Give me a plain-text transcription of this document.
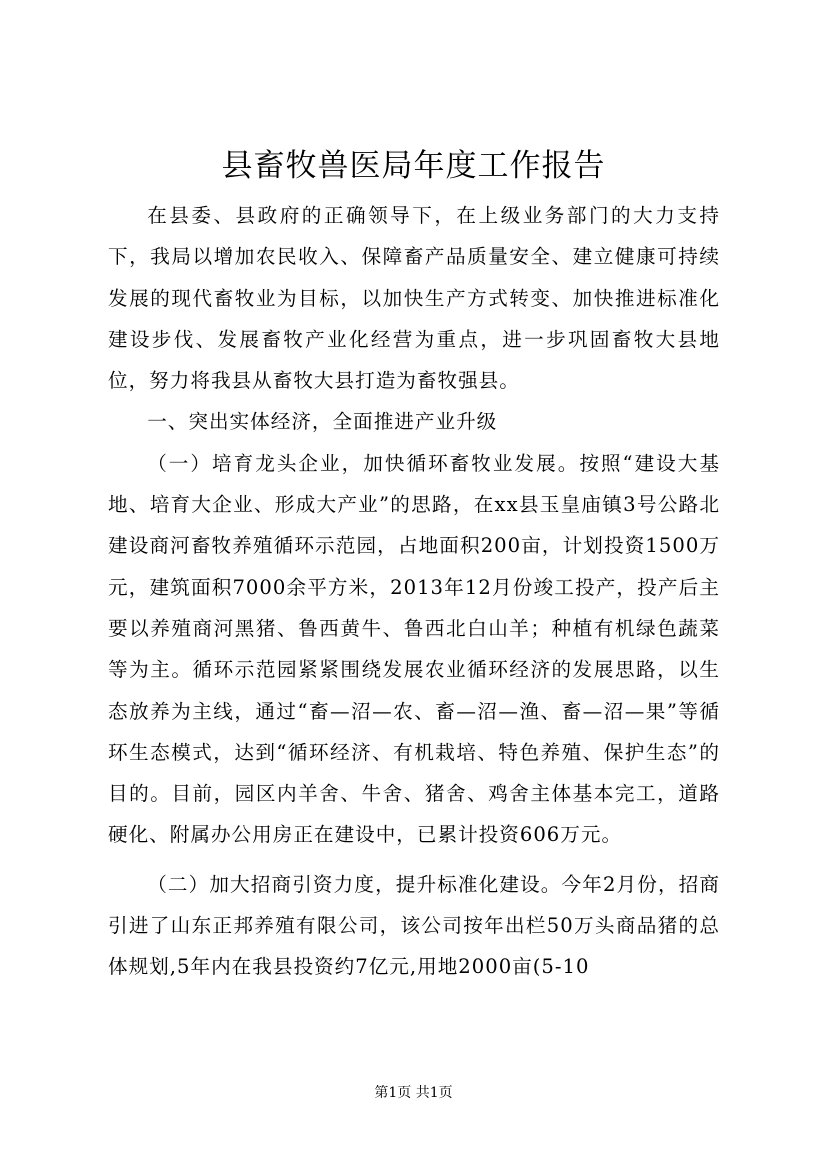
县畜牧兽医局年度工作报告

在县委、县政府的正确领导下，在上级业务部门的大力支持下，我局以增加农民收入、保障畜产品质量安全、建立健康可持续发展的现代畜牧业为目标，以加快生产方式转变、加快推进标准化建设步伐、发展畜牧产业化经营为重点，进一步巩固畜牧大县地位，努力将我县从畜牧大县打造为畜牧强县。

一、突出实体经济，全面推进产业升级

（一）培育龙头企业，加快循环畜牧业发展。按照“建设大基地、培育大企业、形成大产业”的思路，在xx县玉皇庙镇3号公路北建设商河畜牧养殖循环示范园，占地面积200亩，计划投资1500万元，建筑面积7000余平方米，2013年12月份竣工投产，投产后主要以养殖商河黑猪、鲁西黄牛、鲁西北白山羊；种植有机绿色蔬菜等为主。循环示范园紧紧围绕发展农业循环经济的发展思路，以生态放养为主线，通过“畜—沼—农、畜—沼—渔、畜—沼—果”等循环生态模式，达到“循环经济、有机栽培、特色养殖、保护生态”的目的。目前，园区内羊舍、牛舍、猪舍、鸡舍主体基本完工，道路硬化、附属办公用房正在建设中，已累计投资606万元。

（二）加大招商引资力度，提升标准化建设。今年2月份，招商引进了山东正邦养殖有限公司，该公司按年出栏50万头商品猪的总体规划,5年内在我县投资约7亿元,用地2000亩(5-10

第1页 共1页
